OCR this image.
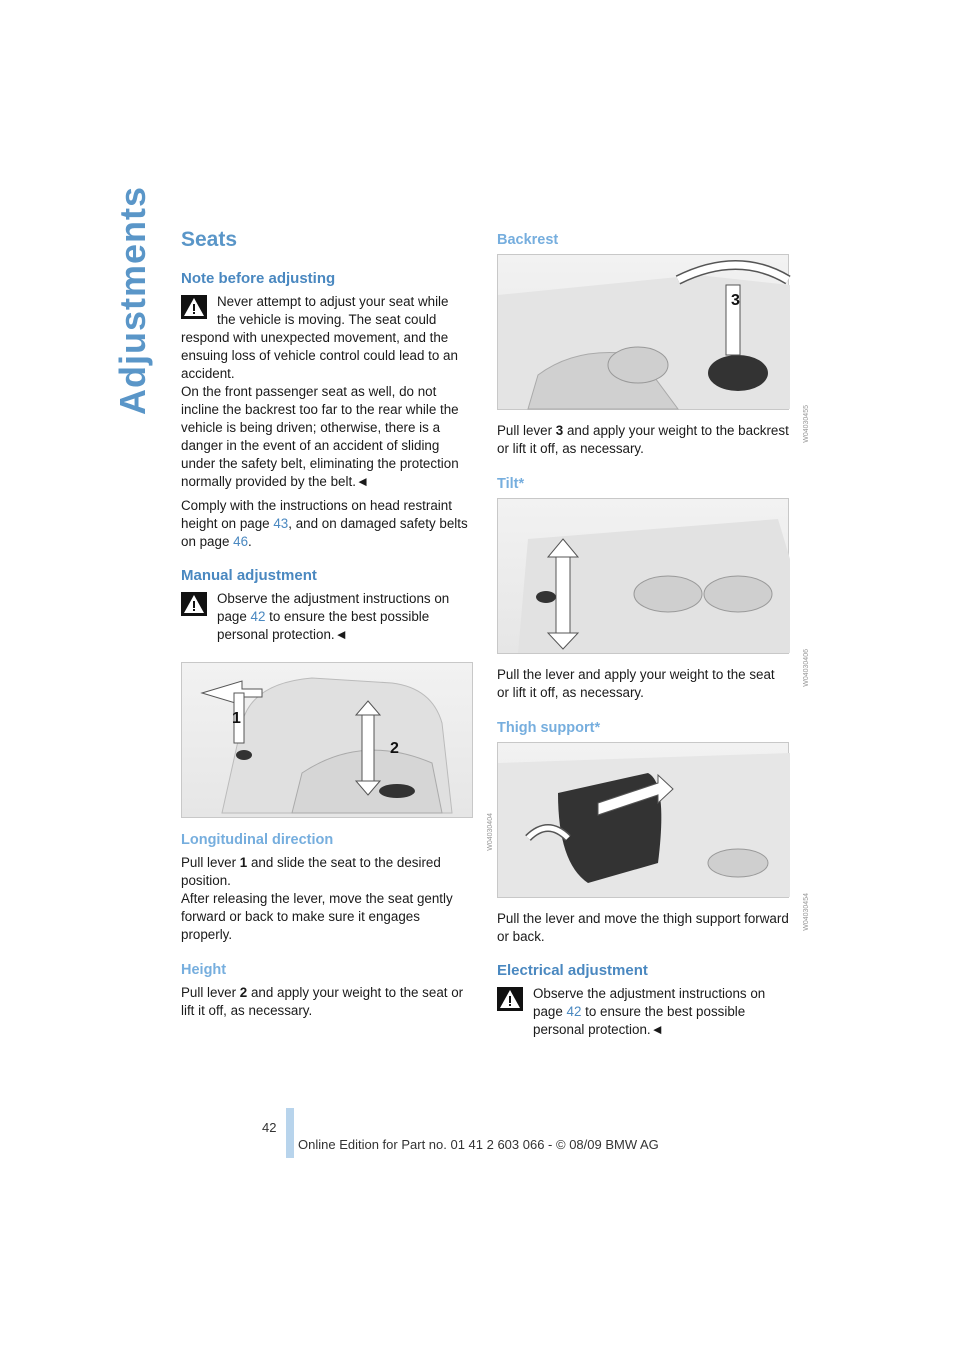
Adjustments Seats
Note before adjusting

Never attempt to adjust your seat while

the vehicle is moving. The seat could

respond with unexpected movement, and the

ensuing loss of vehicle control could lead to an

accident.

On the front passenger seat as well, do not

incline the backrest too far to the rear while the

vehicle is being driven; otherwise, there is a

danger in the event of an accident of sliding

under the safety belt, eliminating the protection

normally provided by the belt.◄

Comply with the instructions on head restraint height on page 43, and on damaged safety belts on page 46.

Manual adjustment

Observe the adjustment instructions on page 42 to ensure the best possible personal protection.◄

1
2
W04030404
Longitudinal direction

Pull lever 1 and slide the seat to the desired position.
After releasing the lever, move the seat gently forward or back to make sure it engages properly.

Height

Pull lever 2 and apply your weight to the seat or lift it off, as necessary.

Backrest
3
W04030455

Pull lever 3 and apply your weight to the backrest or lift it off, as necessary.

Tilt*
W04030406

Pull the lever and apply your weight to the seat or lift it off, as necessary.

Thigh support*
W04030454

Pull the lever and move the thigh support forward or back.

Electrical adjustment

Observe the adjustment instructions on page 42 to ensure the best possible personal protection.◄

42
Online Edition for Part no. 01 41 2 603 066 - © 08/09 BMW AG
